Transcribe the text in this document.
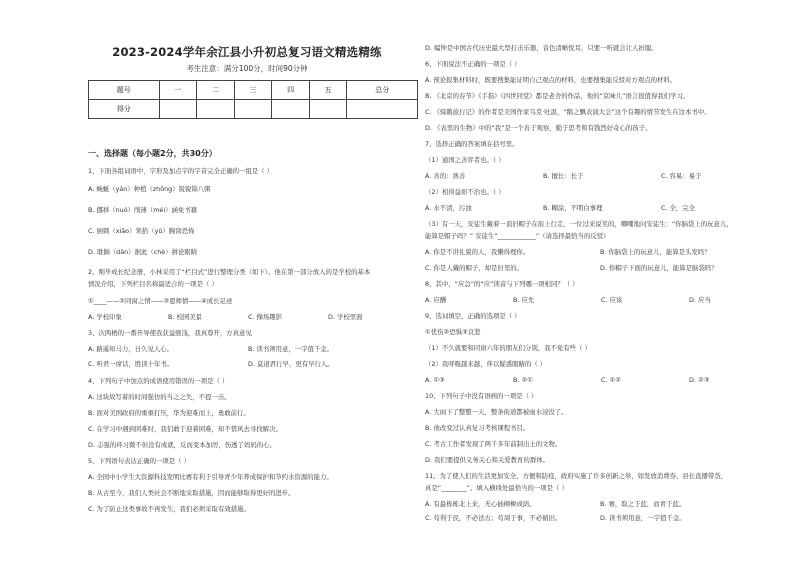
2023-2024学年余江县小升初总复习语文精选精练
考生注意：满分100分，时间90分钟
题号	一	二	三	四	五	总分
得分						
一、选择题（每小题2分，共30分）
1、下面各组词语中，字形及加点字的字音完全正确的一组是（ ）
A. 蜿蜒（yán）种植（zhōng）锐锐锦八粥
B. 挪移（nuó）削薄（méi）涵免书籍
C. 倒刺（xiāo）领掐（yǔ）胸窝恐怖
D. 耽搁（dān）据此（chè）拼论眼睛
2、刚毕成长纪念册，小林采用了“栏目式”进行整理分类（如下）。他在第一部分放入的是学校的基本
情况介绍，下列栏目名称最适合的一项是（ ）
①____——②同窗之情——③恩师情——④成长足迹
A. 学校印象	B. 校园美景	C. 操场趣影	D. 学校里面
3、次两栖的一番开导使我获益匪浅，我真尊开，方真意见
A. 路遥知马力，日久见人心。	B. 读书须用意，一字值千金。
C. 听君一席话，胜读十年书。	D. 莫道君行早，更有早行人。
4、下列句子中加点的成语使用错误的一项是（ ）
A. 这块故写着的时间强仿的当之之失，不提一击。
B. 面对美国政府的重重打压，华为迎难而上，勇敢前行。
C. 在学习中遇到困难时，我们敢于迎着困难，知不惜风去寻找解决。
D. 志强的环习微不但没有成就，反而变本加厉，伤透了妈妈的心。
5、下列语句表达正确的一项是（ ）
A. 全国中小学生大资源科技发明比赛有利于引导青少年养成保护和节约水资源的能力。
B. 从古至今，我们人类社会不断地采取措施，因而能够取得更好的进步。
C. 为了防止这类事故不再发生，我们必须采取有效措施。
D. 编钟是中国古代历史最大型打击乐器，音色清晰悦耳，只要一听就会让人折服。
6、下面说法不正确的一项是（ ）
A. 预论报集材料时，既要搜集能证明自己观点的材料，也要搜集能反驳对方观点的材料。
B. 《北京的春节》《手指》《四世同堂》都是老舍的作品，他的“京味儿”语言很值得我们学习。
C. 《骑鹅旅行记》的作者是美国作家乌克·吐温，“鹅之飘表演大会”这个有趣的情节发生在这本书中。
D. 《表里的生物》中的“我”是一个善于观察，勤于思考和有钱烈好奇心的孩子。
7、选择正确的答案填在括号里。
（1）通国之善弈者也。（ ）
A. 善的：熟善	B. 擅长：长于	C. 容易：易于
（2）相得益彰不治也。（ ）
A. 水不清，污浊	B. 糊涂，不明白事理	C. 全，完全
（3）有一天，安徒生戴着一顶旧帽子在街上行走，一位过来说笑的，嘲嘲地问安徒生：“你脑袋上的玩意儿，
能算是帽子吗？” 安徒生“____________”（请选择最恰当的反驳）
A. 你是不讲礼貌的人，我懒得理你。	B. 你脑袋上的玩意儿，能算是头发吗？
C. 你是人戴的帽子，却是旧里的。	D. 你帽子下面的玩意儿，能算是脑袋吗？
8、其中，“应急”的“应”读音与下列哪一项相同？（ ）
A. 应酬	B. 应允	C. 应该	D. 应当
9、选词填空，正确的选项是（ ）
①优伤②恐惧③哀悲
（1）不久就要和同窗六年的朋友们分别，我不免有些（ ）
（2）我呼吸越来越，伴以疑惑眼睛的（ ）
A. ①③	B. ②①	C. ①②	D. ②③
10、下列句子中没有语病的一项是（ ）
A. 大雨下了整整一天，整条街道都被雨水浸没了。
B. 他改变过认真复习考核课程书目。
C. 考古工作者发现了两千多年前制出土的文物。
D. 我们要提供义务关心和关爱教育的群体。
11、为了使人们的生活更加安全、方便和防疫，政府实施了许多创新之举，如发放消费券、县长直播带货，
真是“________”。填入横线处最恰当的一项是（ ）
A. 有最栋栋北上来，无心插柳柳成荫。	B. 赛，取之于蓝，而青于蓝。
C. 苟利于民，不必法古；苟周于事，不必循旧。	D. 读书须用意，一字值千金。
